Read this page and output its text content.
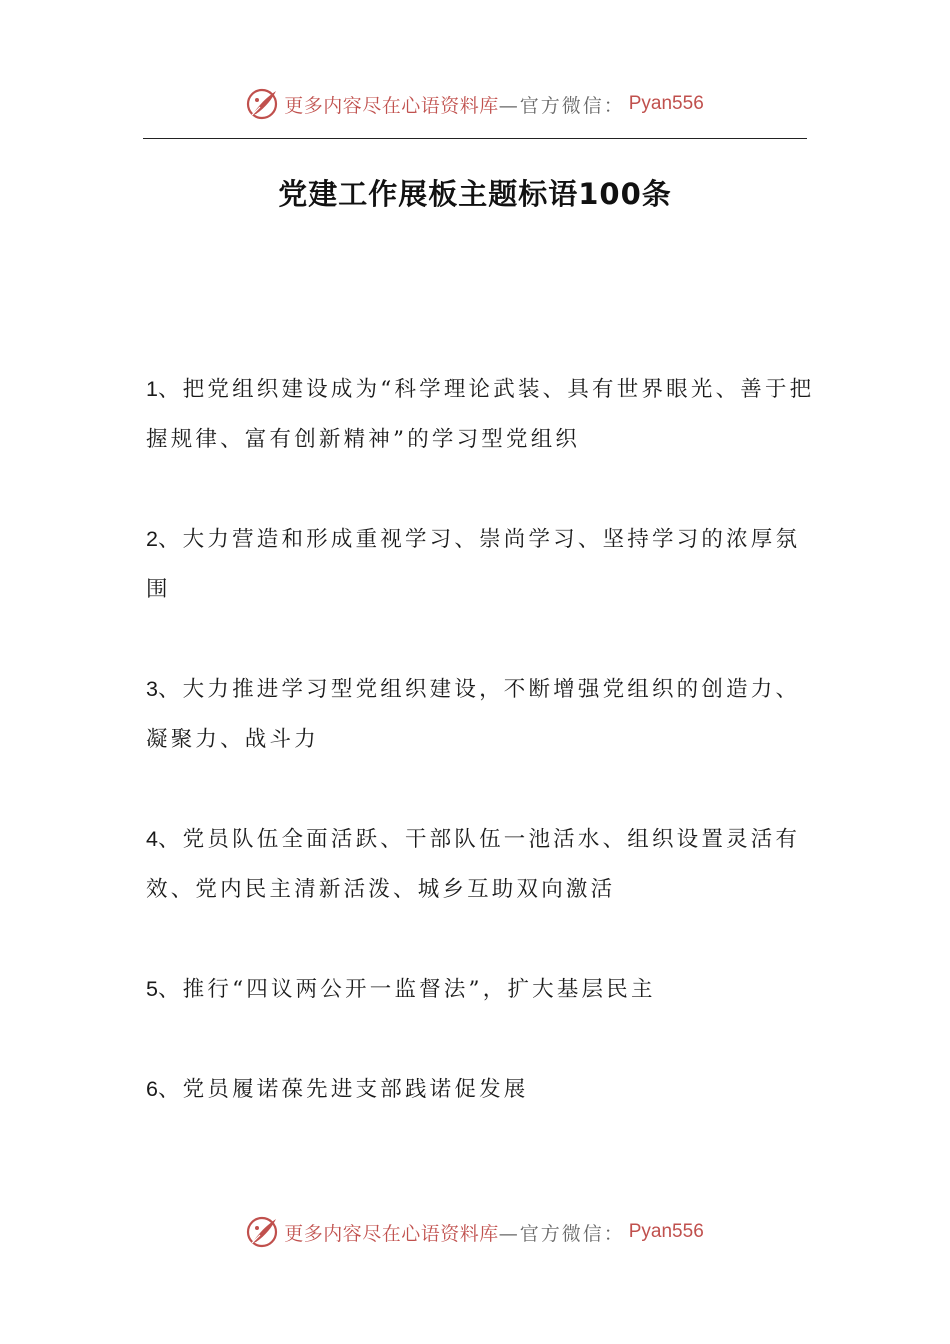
更多内容尽在心语资料库 —官方微信： Pyan556
党建工作展板主题标语100条
1、把党组织建设成为“科学理论武装、具有世界眼光、善于把握规律、富有创新精神”的学习型党组织
2、大力营造和形成重视学习、崇尚学习、坚持学习的浓厚氛围
3、大力推进学习型党组织建设，不断增强党组织的创造力、凝聚力、战斗力
4、党员队伍全面活跃、干部队伍一池活水、组织设置灵活有效、党内民主清新活泼、城乡互助双向激活
5、推行“四议两公开一监督法”，扩大基层民主
6、党员履诺葆先进支部践诺促发展
更多内容尽在心语资料库 —官方微信： Pyan556
